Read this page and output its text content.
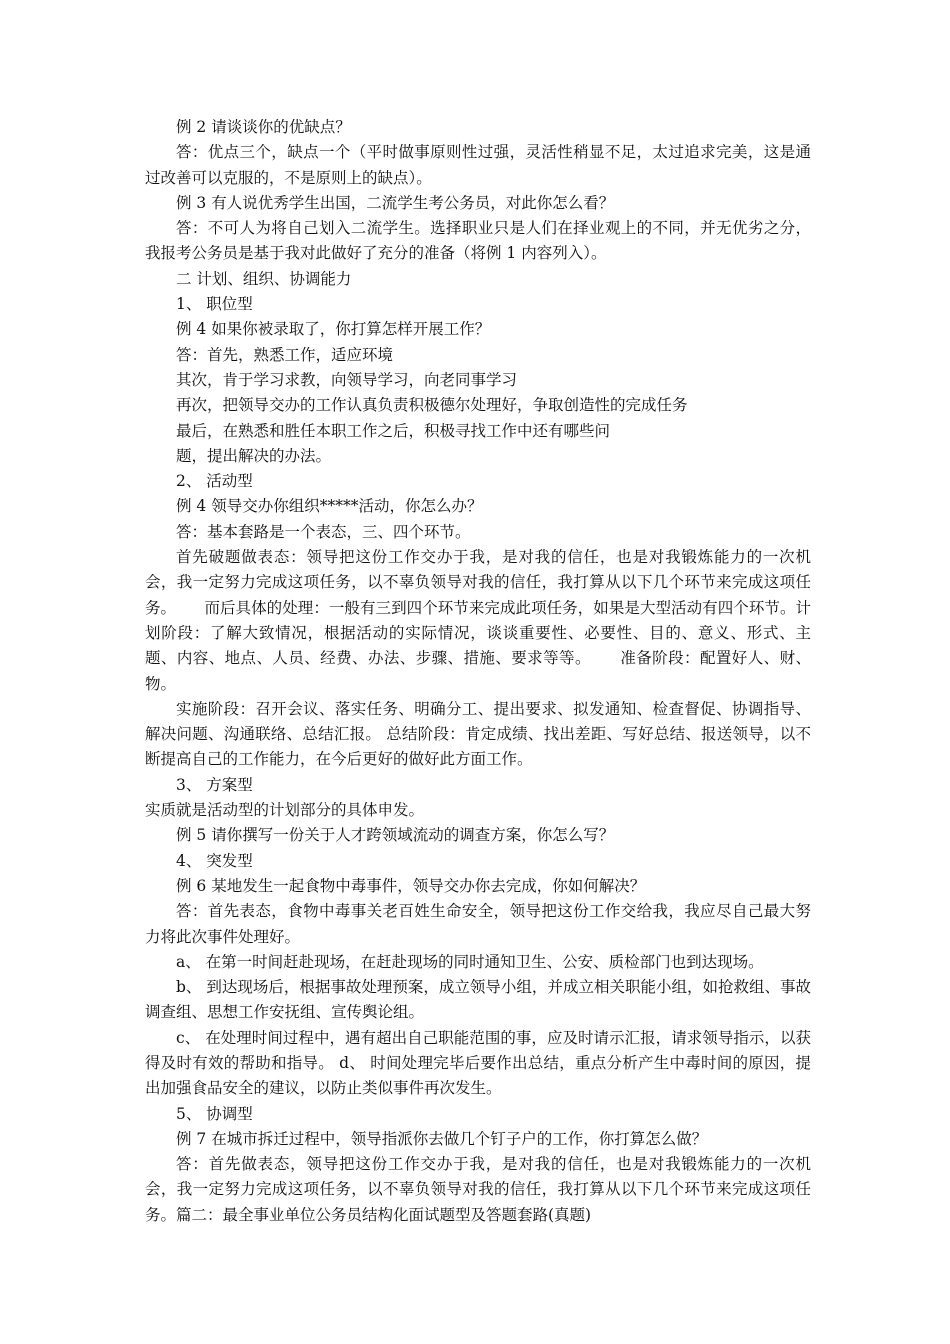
例 2 请谈谈你的优缺点？

答：优点三个，缺点一个（平时做事原则性过强，灵活性稍显不足，太过追求完美，这是通过改善可以克服的，不是原则上的缺点）。

例 3 有人说优秀学生出国，二流学生考公务员，对此你怎么看？

答：不可人为将自己划入二流学生。选择职业只是人们在择业观上的不同，并无优劣之分，我报考公务员是基于我对此做好了充分的准备（将例 1 内容列入）。

二 计划、组织、协调能力

1、 职位型

例 4 如果你被录取了，你打算怎样开展工作？

答：首先，熟悉工作，适应环境

其次，肯于学习求教，向领导学习，向老同事学习

再次，把领导交办的工作认真负责积极德尔处理好，争取创造性的完成任务

最后，在熟悉和胜任本职工作之后，积极寻找工作中还有哪些问

题，提出解决的办法。

2、 活动型

例 4 领导交办你组织*****活动，你怎么办？

答：基本套路是一个表态，三、四个环节。

首先破题做表态：领导把这份工作交办于我，是对我的信任，也是对我锻炼能力的一次机会，我一定努力完成这项任务，以不辜负领导对我的信任，我打算从以下几个环节来完成这项任务。　　 而后具体的处理：一般有三到四个环节来完成此项任务，如果是大型活动有四个环节。计划阶段：了解大致情况，根据活动的实际情况，谈谈重要性、必要性、目的、意义、形式、主题、内容、地点、人员、经费、办法、步骤、措施、要求等等。　　 准备阶段：配置好人、财、物。

实施阶段：召开会议、落实任务、明确分工、提出要求、拟发通知、检查督促、协调指导、解决问题、沟通联络、总结汇报。 总结阶段：肯定成绩、找出差距、写好总结、报送领导，以不断提高自己的工作能力，在今后更好的做好此方面工作。

3、 方案型

实质就是活动型的计划部分的具体申发。

例 5 请你撰写一份关于人才跨领域流动的调查方案，你怎么写？

4、 突发型

例 6 某地发生一起食物中毒事件，领导交办你去完成，你如何解决？

答：首先表态，食物中毒事关老百姓生命安全，领导把这份工作交给我，我应尽自己最大努力将此次事件处理好。

a、 在第一时间赶赴现场，在赶赴现场的同时通知卫生、公安、质检部门也到达现场。

b、 到达现场后，根据事故处理预案，成立领导小组，并成立相关职能小组，如抢救组、事故调查组、思想工作安抚组、宣传舆论组。

c、 在处理时间过程中，遇有超出自己职能范围的事，应及时请示汇报，请求领导指示，以获得及时有效的帮助和指导。 d、 时间处理完毕后要作出总结，重点分析产生中毒时间的原因，提出加强食品安全的建议，以防止类似事件再次发生。

5、 协调型

例 7 在城市拆迁过程中，领导指派你去做几个钉子户的工作，你打算怎么做？

答：首先做表态，领导把这份工作交办于我，是对我的信任，也是对我锻炼能力的一次机会，我一定努力完成这项任务，以不辜负领导对我的信任，我打算从以下几个环节来完成这项任务。篇二：最全事业单位公务员结构化面试题型及答题套路(真题)
